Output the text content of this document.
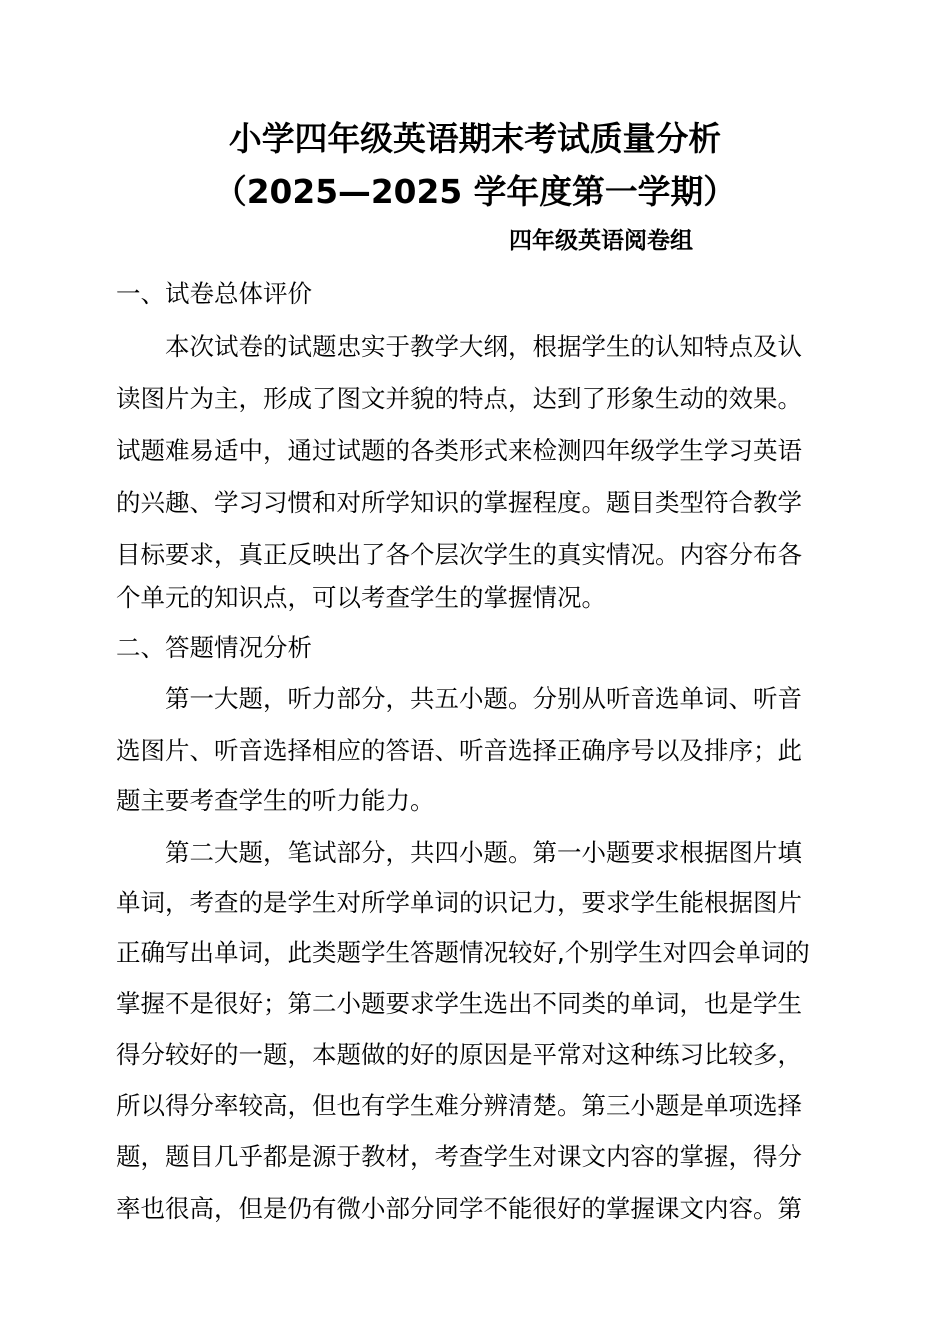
小学四年级英语期末考试质量分析
（2025—2025 学年度第一学期）
四年级英语阅卷组
一、试卷总体评价
本次试卷的试题忠实于教学大纲，根据学生的认知特点及认
读图片为主，形成了图文并貌的特点，达到了形象生动的效果。
试题难易适中，通过试题的各类形式来检测四年级学生学习英语
的兴趣、学习习惯和对所学知识的掌握程度。题目类型符合教学
目标要求，真正反映出了各个层次学生的真实情况。内容分布各
个单元的知识点，可以考查学生的掌握情况。
二、答题情况分析
第一大题，听力部分，共五小题。分别从听音选单词、听音
选图片、听音选择相应的答语、听音选择正确序号以及排序；此
题主要考查学生的听力能力。
第二大题，笔试部分，共四小题。第一小题要求根据图片填
单词，考查的是学生对所学单词的识记力，要求学生能根据图片
正确写出单词，此类题学生答题情况较好,个别学生对四会单词的
掌握不是很好；第二小题要求学生选出不同类的单词，也是学生
得分较好的一题，本题做的好的原因是平常对这种练习比较多，
所以得分率较高，但也有学生难分辨清楚。第三小题是单项选择
题，题目几乎都是源于教材，考查学生对课文内容的掌握，得分
率也很高，但是仍有微小部分同学不能很好的掌握课文内容。第
